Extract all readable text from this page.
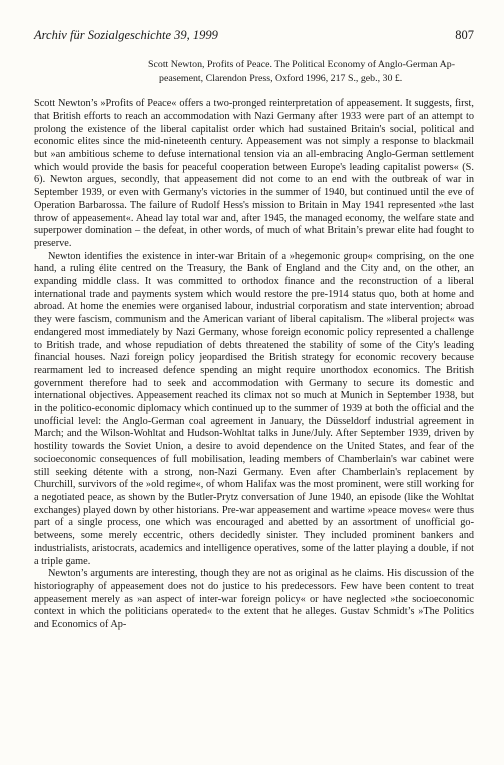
Archiv für Sozialgeschichte 39, 1999	807
Scott Newton, Profits of Peace. The Political Economy of Anglo-German Ap-
peasement, Clarendon Press, Oxford 1996, 217 S., geb., 30 £.

Scott Newton’s »Profits of Peace« offers a two-pronged reinterpretation of appeasement. It suggests, first, that British efforts to reach an accommodation with Nazi Germany after 1933 were part of an attempt to prolong the existence of the liberal capitalist order which had sustained Britain's social, political and economic elites since the mid-nineteenth century. Appeasement was not simply a response to blackmail but »an ambitious scheme to defuse international tension via an all-embracing Anglo-German settlement which would provide the basis for peaceful cooperation between Europe's leading capitalist powers« (S. 6). Newton argues, secondly, that appeasement did not come to an end with the outbreak of war in September 1939, or even with Germany's victories in the summer of 1940, but continued until the eve of Operation Barbarossa. The failure of Rudolf Hess's mission to Britain in May 1941 represented »the last throw of appeasement«. Ahead lay total war and, after 1945, the managed economy, the welfare state and superpower domination – the defeat, in other words, of much of what Britain’s prewar elite had fought to preserve.

Newton identifies the existence in inter-war Britain of a »hegemonic group« comprising, on the one hand, a ruling élite centred on the Treasury, the Bank of England and the City and, on the other, an expanding middle class. It was committed to orthodox finance and the reconstruction of a liberal international trade and payments system which would restore the pre-1914 status quo, both at home and abroad. At home the enemies were organised labour, industrial corporatism and state intervention; abroad they were fascism, communism and the American variant of liberal capitalism. The »liberal project« was endangered most immediately by Nazi Germany, whose foreign economic policy represented a challenge to British trade, and whose repudiation of debts threatened the stability of some of the City's leading financial houses. Nazi foreign policy jeopardised the British strategy for economic recovery because rearmament led to increased defence spending an might require unorthodox economics. The British government therefore had to seek and accommodation with Germany to secure its domestic and international objectives. Appeasement reached its climax not so much at Munich in September 1938, but in the politico-economic diplomacy which continued up to the summer of 1939 at both the official and the unofficial level: the Anglo-German coal agreement in January, the Düsseldorf industrial agreement in March; and the Wilson-Wohltat and Hudson-Wohltat talks in June/July. After September 1939, driven by hostility towards the Soviet Union, a desire to avoid dependence on the United States, and fear of the socioeconomic consequences of full mobilisation, leading members of Chamberlain's war cabinet were still seeking détente with a strong, non-Nazi Germany. Even after Chamberlain's replacement by Churchill, survivors of the »old regime«, of whom Halifax was the most prominent, were still working for a negotiated peace, as shown by the Butler-Prytz conversation of June 1940, an episode (like the Wohltat exchanges) played down by other historians. Pre-war appeasement and wartime »peace moves« were thus part of a single process, one which was encouraged and abetted by an assortment of unofficial go-betweens, some merely eccentric, others decidedly sinister. They included prominent bankers and industrialists, aristocrats, academics and intelligence operatives, some of the latter playing a double, if not a triple game.

Newton’s arguments are interesting, though they are not as original as he claims. His discussion of the historiography of appeasement does not do justice to his predecessors. Few have been content to treat appeasement merely as »an aspect of inter-war foreign policy« or have neglected »the socioeconomic context in which the politicians operated« to the extent that he alleges. Gustav Schmidt’s »The Politics and Economics of Ap-
